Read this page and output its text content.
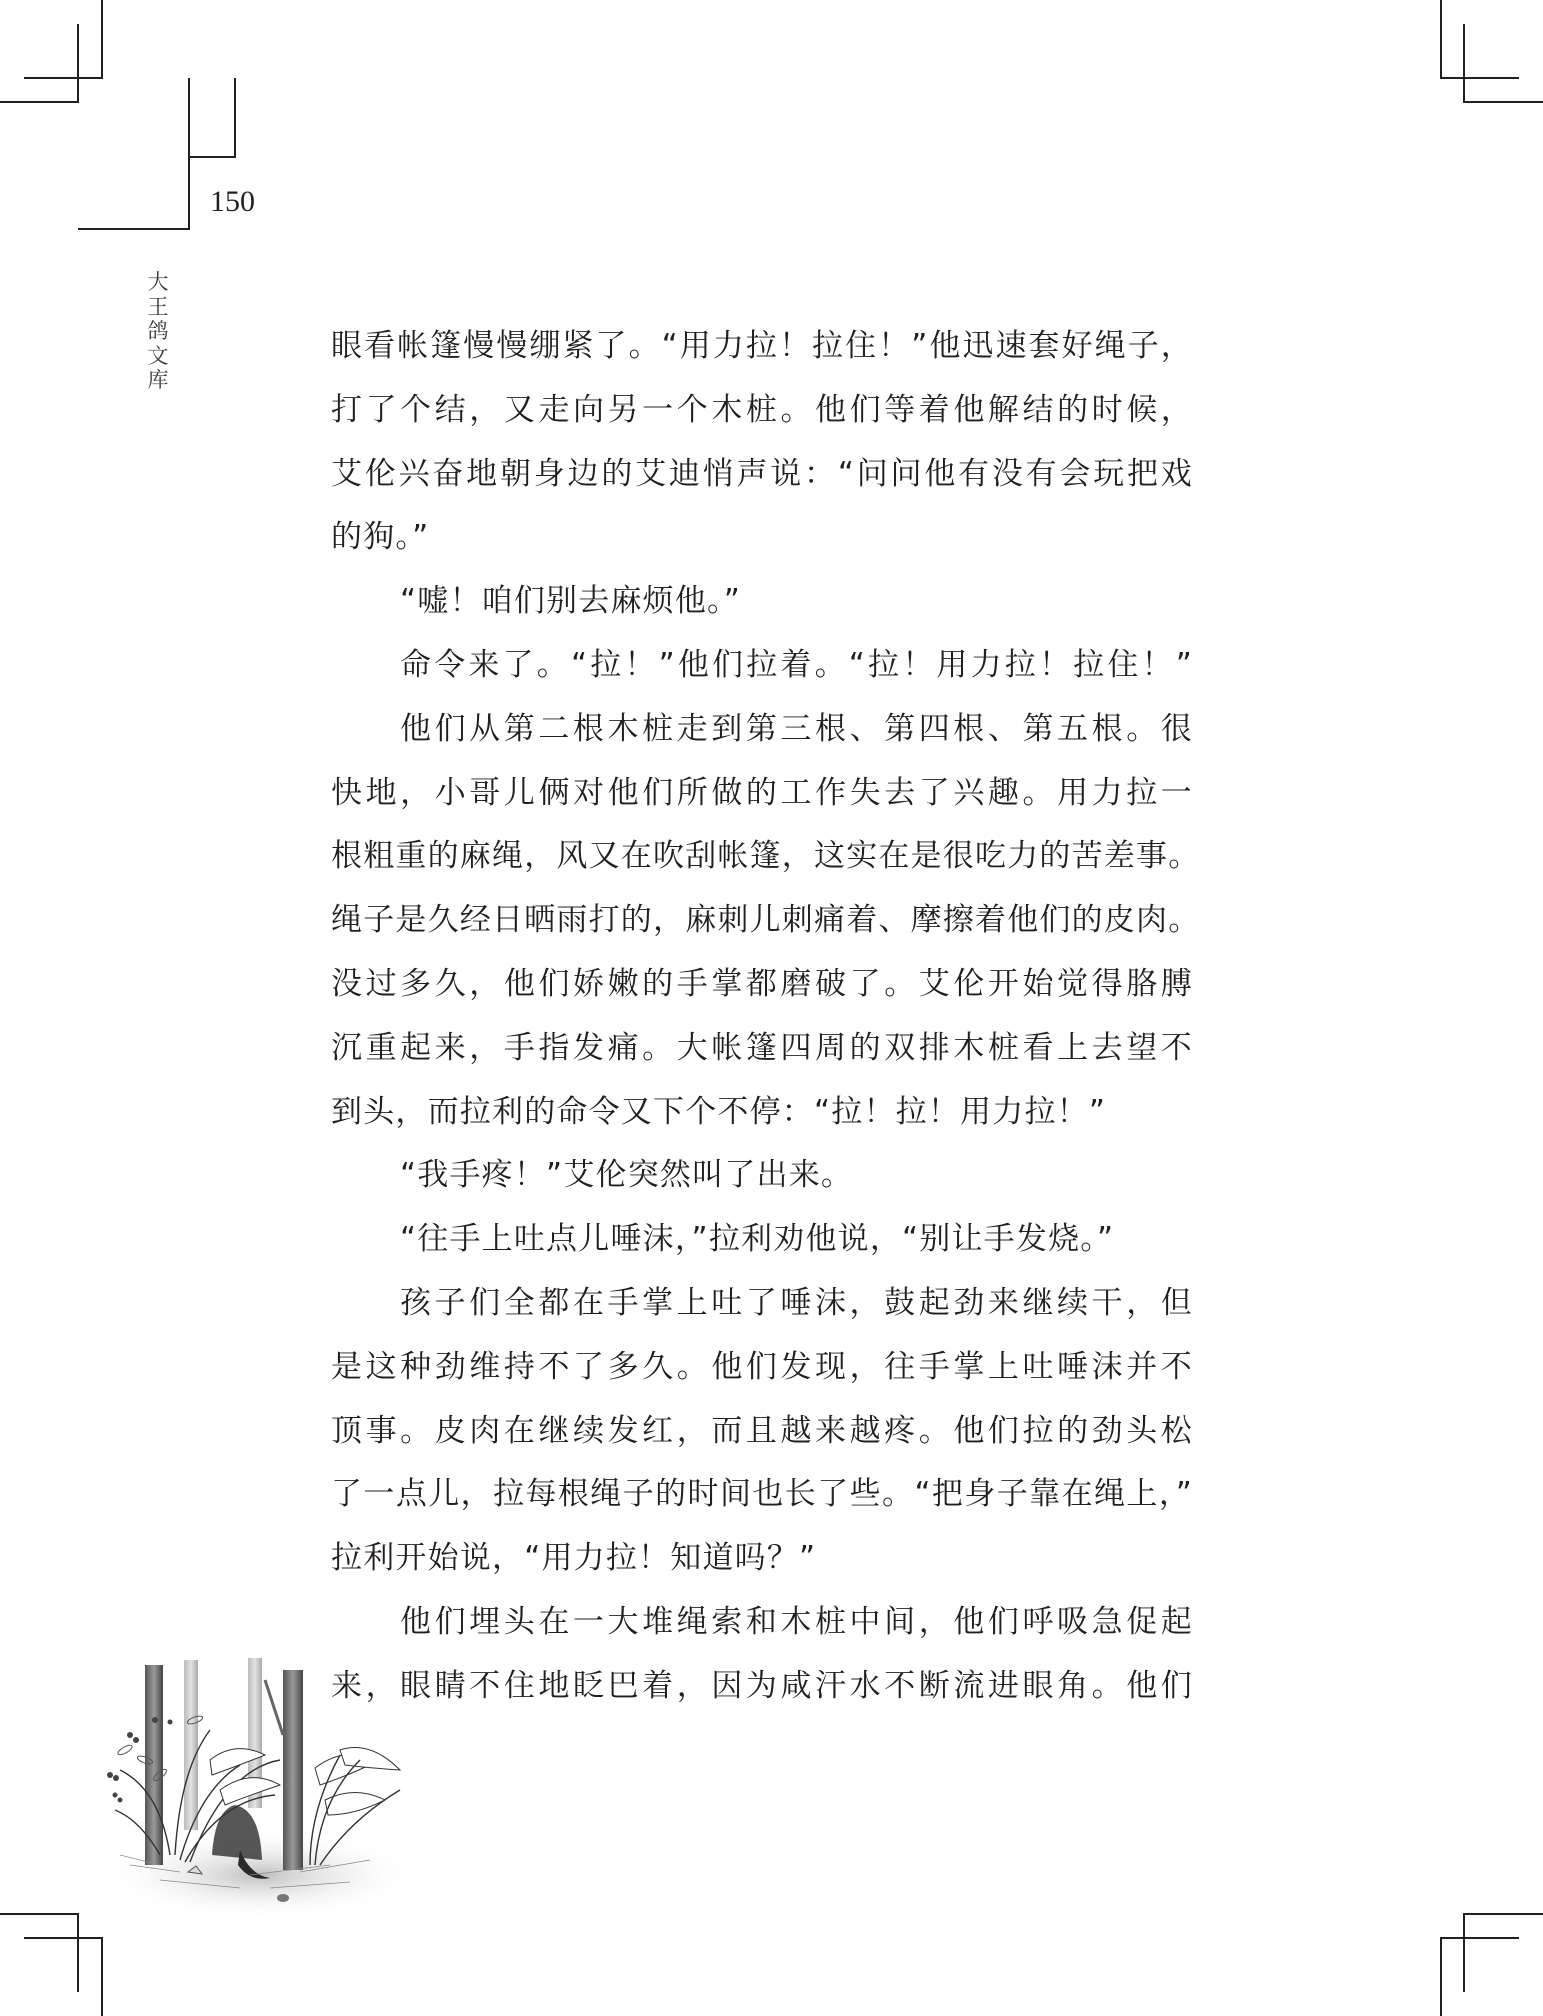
150
大
王
鸽
文
库
眼看帐篷慢慢绷紧了。“用力拉！拉住！”他迅速套好绳子，
打了个结，又走向另一个木桩。他们等着他解结的时候，
艾伦兴奋地朝身边的艾迪悄声说：“问问他有没有会玩把戏
的狗。”
“嘘！咱们别去麻烦他。”
命令来了。“拉！”他们拉着。“拉！用力拉！拉住！”
他们从第二根木桩走到第三根、第四根、第五根。很
快地，小哥儿俩对他们所做的工作失去了兴趣。用力拉一
根粗重的麻绳，风又在吹刮帐篷，这实在是很吃力的苦差事。
绳子是久经日晒雨打的，麻刺儿刺痛着、摩擦着他们的皮肉。
没过多久，他们娇嫩的手掌都磨破了。艾伦开始觉得胳膊
沉重起来，手指发痛。大帐篷四周的双排木桩看上去望不
到头，而拉利的命令又下个不停：“拉！拉！用力拉！”
“我手疼！”艾伦突然叫了出来。
“往手上吐点儿唾沫，”拉利劝他说，“别让手发烧。”
孩子们全都在手掌上吐了唾沫，鼓起劲来继续干，但
是这种劲维持不了多久。他们发现，往手掌上吐唾沫并不
顶事。皮肉在继续发红，而且越来越疼。他们拉的劲头松
了一点儿，拉每根绳子的时间也长了些。“把身子靠在绳上，”
拉利开始说，“用力拉！知道吗？”
他们埋头在一大堆绳索和木桩中间，他们呼吸急促起
来，眼睛不住地眨巴着，因为咸汗水不断流进眼角。他们
